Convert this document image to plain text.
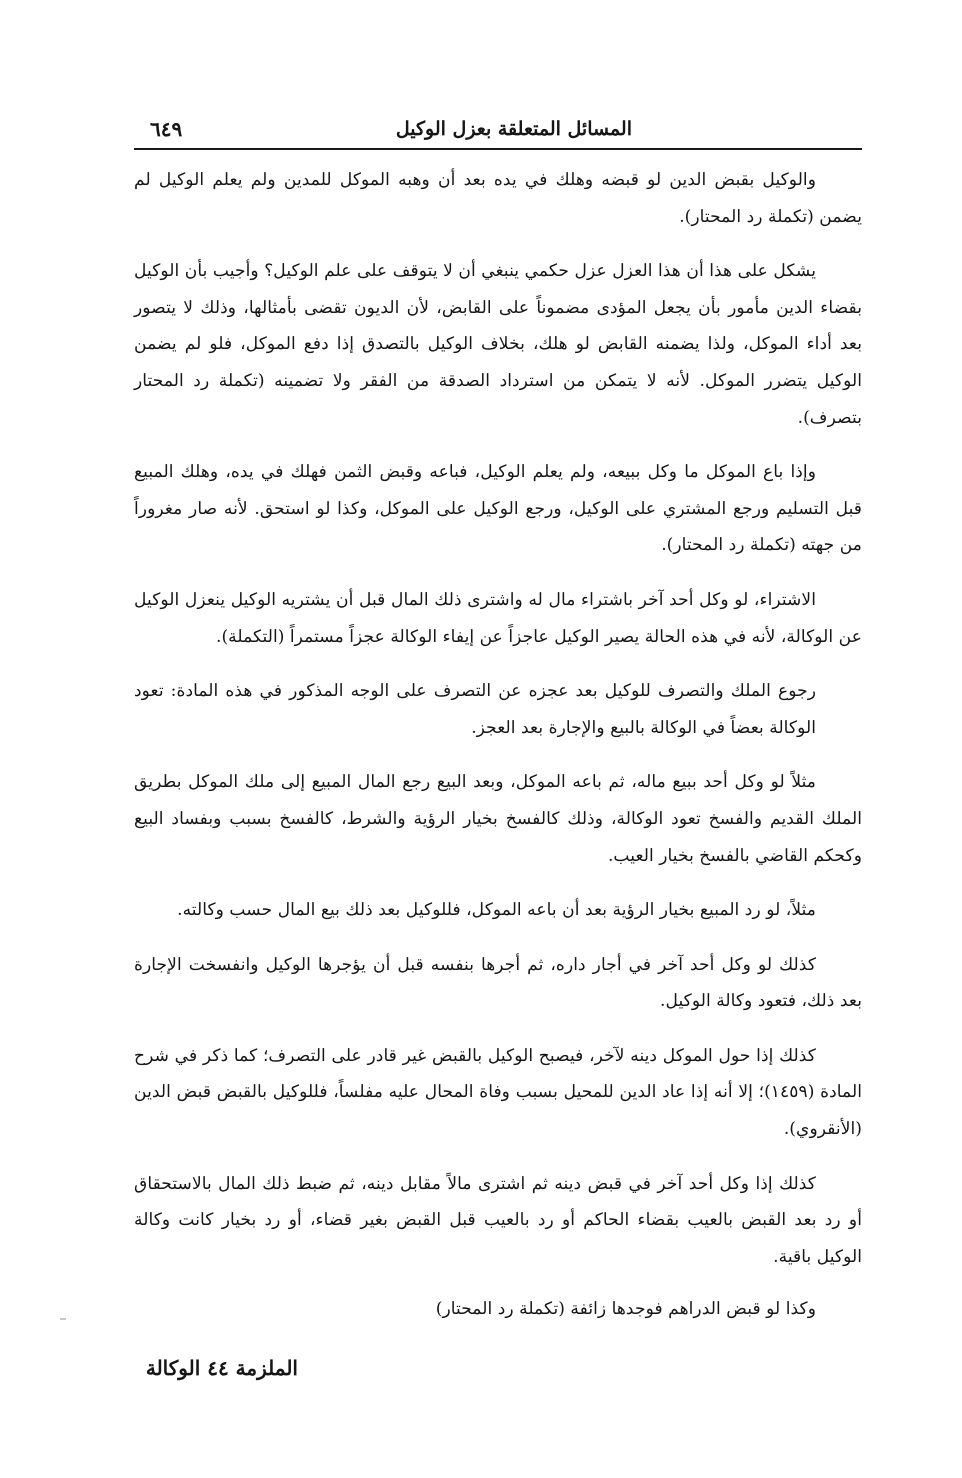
٦٤٩	المسائل المتعلقة بعزل الوكيل

والوكيل بقبض الدين لو قبضه وهلك في يده بعد أن وهبه الموكل للمدين ولم يعلم الوكيل لم يضمن (تكملة رد المحتار).

يشكل على هذا أن هذا العزل عزل حكمي ينبغي أن لا يتوقف على علم الوكيل؟ وأجيب بأن الوكيل بقضاء الدين مأمور بأن يجعل المؤدى مضموناً على القابض، لأن الديون تقضى بأمثالها، وذلك لا يتصور بعد أداء الموكل، ولذا يضمنه القابض لو هلك، بخلاف الوكيل بالتصدق إذا دفع الموكل، فلو لم يضمن الوكيل يتضرر الموكل. لأنه لا يتمكن من استرداد الصدقة من الفقر ولا تضمينه (تكملة رد المحتار بتصرف).

وإذا باع الموكل ما وكل ببيعه، ولم يعلم الوكيل، فباعه وقبض الثمن فهلك في يده، وهلك المبيع قبل التسليم ورجع المشتري على الوكيل، ورجع الوكيل على الموكل، وكذا لو استحق. لأنه صار مغروراً من جهته (تكملة رد المحتار).

الاشتراء، لو وكل أحد آخر باشتراء مال له واشترى ذلك المال قبل أن يشتريه الوكيل ينعزل الوكيل عن الوكالة، لأنه في هذه الحالة يصير الوكيل عاجزاً عن إيفاء الوكالة عجزاً مستمراً (التكملة).

رجوع الملك والتصرف للوكيل بعد عجزه عن التصرف على الوجه المذكور في هذه المادة: تعود الوكالة بعضاً في الوكالة بالبيع والإجارة بعد العجز.

مثلاً لو وكل أحد ببيع ماله، ثم باعه الموكل، وبعد البيع رجع المال المبيع إلى ملك الموكل بطريق الملك القديم والفسخ تعود الوكالة، وذلك كالفسخ بخيار الرؤية والشرط، كالفسخ بسبب وبفساد البيع وكحكم القاضي بالفسخ بخيار العيب.

مثلاً، لو رد المبيع بخيار الرؤية بعد أن باعه الموكل، فللوكيل بعد ذلك بيع المال حسب وكالته.

كذلك لو وكل أحد آخر في أجار داره، ثم أجرها بنفسه قبل أن يؤجرها الوكيل وانفسخت الإجارة بعد ذلك، فتعود وكالة الوكيل.

كذلك إذا حول الموكل دينه لآخر، فيصبح الوكيل بالقبض غير قادر على التصرف؛ كما ذكر في شرح المادة (١٤٥٩)؛ إلا أنه إذا عاد الدين للمحيل بسبب وفاة المحال عليه مفلساً، فللوكيل بالقبض قبض الدين (الأنقروي).

كذلك إذا وكل أحد آخر في قبض دينه ثم اشترى مالاً مقابل دينه، ثم ضبط ذلك المال بالاستحقاق أو رد بعد القبض بالعيب بقضاء الحاكم أو رد بالعيب قبل القبض بغير قضاء، أو رد بخيار كانت وكالة الوكيل باقية.

وكذا لو قبض الدراهم فوجدها زائفة (تكملة رد المحتار)

الملزمة ٤٤ الوكالة
